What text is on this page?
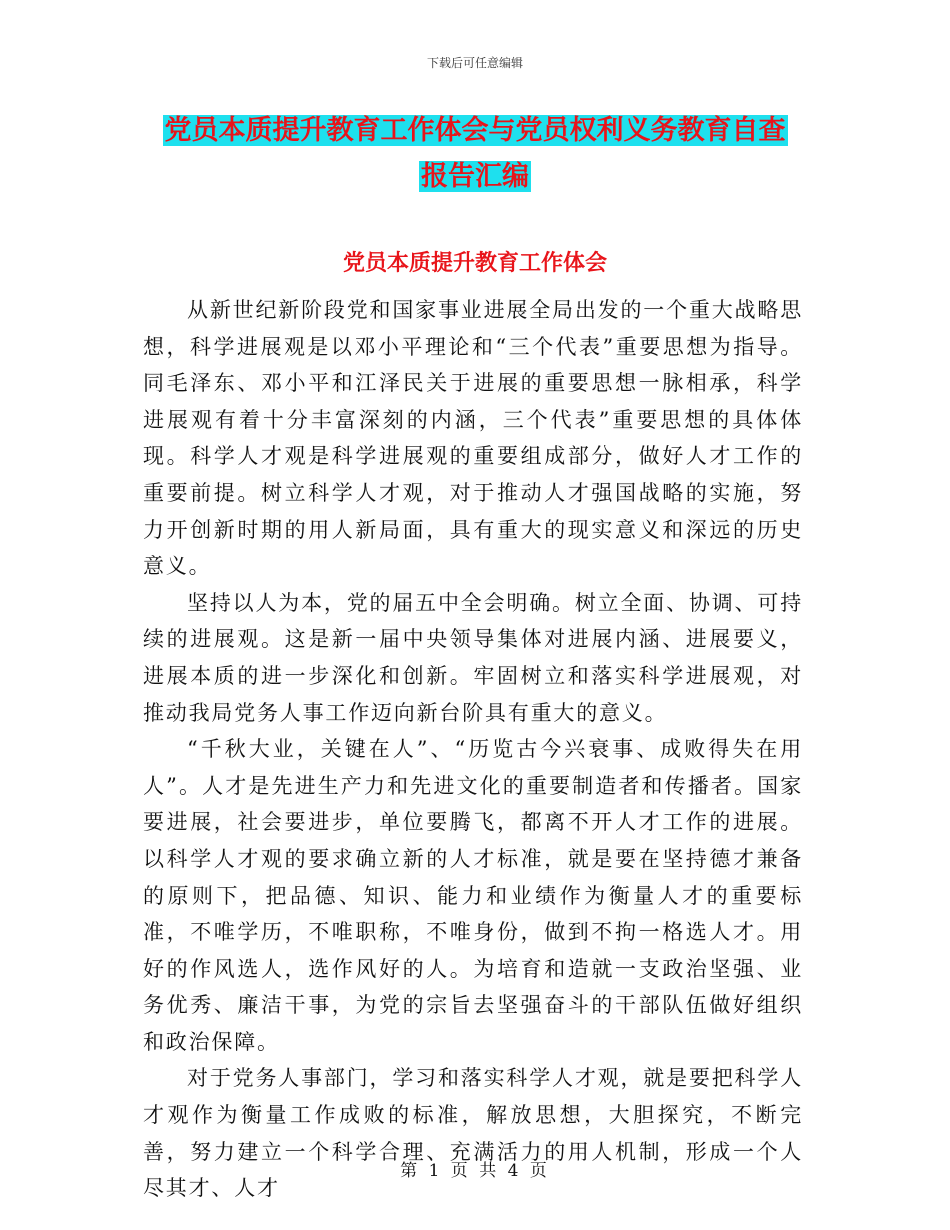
下载后可任意编辑
党员本质提升教育工作体会与党员权利义务教育自查
报告汇编
党员本质提升教育工作体会

从新世纪新阶段党和国家事业进展全局出发的一个重大战略思想，科学进展观是以邓小平理论和“三个代表”重要思想为指导。同毛泽东、邓小平和江泽民关于进展的重要思想一脉相承，科学进展观有着十分丰富深刻的内涵，三个代表”重要思想的具体体现。科学人才观是科学进展观的重要组成部分，做好人才工作的重要前提。树立科学人才观，对于推动人才强国战略的实施，努力开创新时期的用人新局面，具有重大的现实意义和深远的历史意义。

坚持以人为本，党的届五中全会明确。树立全面、协调、可持续的进展观。这是新一届中央领导集体对进展内涵、进展要义，进展本质的进一步深化和创新。牢固树立和落实科学进展观，对推动我局党务人事工作迈向新台阶具有重大的意义。

“千秋大业，关键在人”、“历览古今兴衰事、成败得失在用人”。人才是先进生产力和先进文化的重要制造者和传播者。国家要进展，社会要进步，单位要腾飞，都离不开人才工作的进展。以科学人才观的要求确立新的人才标准，就是要在坚持德才兼备的原则下，把品德、知识、能力和业绩作为衡量人才的重要标准，不唯学历，不唯职称，不唯身份，做到不拘一格选人才。用好的作风选人，选作风好的人。为培育和造就一支政治坚强、业务优秀、廉洁干事，为党的宗旨去坚强奋斗的干部队伍做好组织和政治保障。

对于党务人事部门，学习和落实科学人才观，就是要把科学人才观作为衡量工作成败的标准，解放思想，大胆探究，不断完善，努力建立一个科学合理、充满活力的用人机制，形成一个人尽其才、人才

第 1 页 共 4 页
